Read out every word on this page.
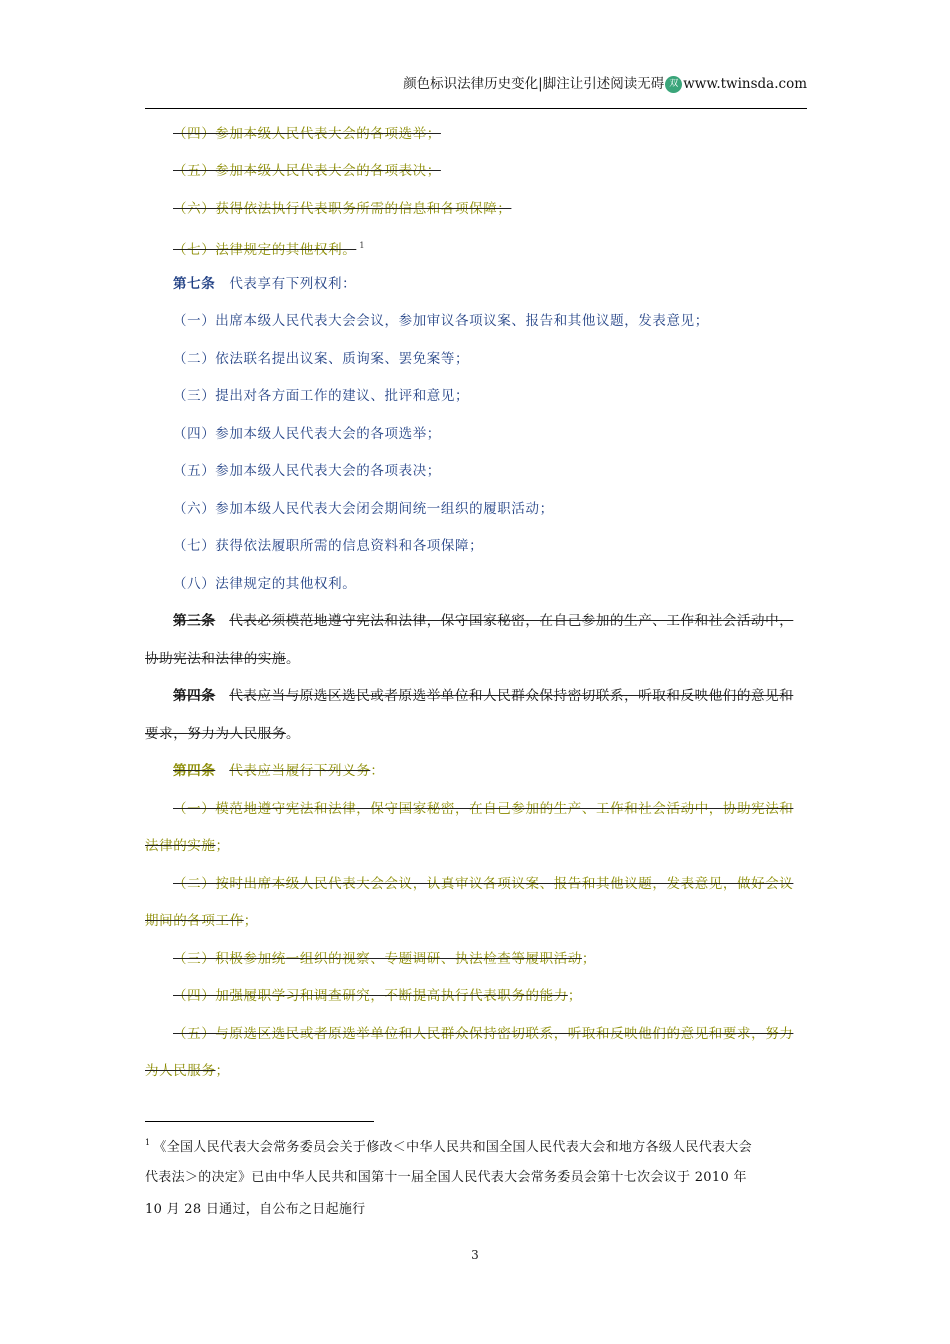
颜色标识法律历史变化|脚注让引述阅读无碍 双 www.twinsda.com
（四）参加本级人民代表大会的各项选举；
（五）参加本级人民代表大会的各项表决；
（六）获得依法执行代表职务所需的信息和各项保障；
（七）法律规定的其他权利。 $^1$
第七条 代表享有下列权利：
（一）出席本级人民代表大会会议，参加审议各项议案、报告和其他议题，发表意见；
（二）依法联名提出议案、质询案、罢免案等；
（三）提出对各方面工作的建议、批评和意见；
（四）参加本级人民代表大会的各项选举；
（五）参加本级人民代表大会的各项表决；
（六）参加本级人民代表大会闭会期间统一组织的履职活动；
（七）获得依法履职所需的信息资料和各项保障；
（八）法律规定的其他权利。
第三条 代表必须模范地遵守宪法和法律，保守国家秘密，在自己参加的生产、工作和社会活动中，
协助宪法和法律的实施。
第四条 代表应当与原选区选民或者原选举单位和人民群众保持密切联系，听取和反映他们的意见和
要求，努力为人民服务。
第四条 代表应当履行下列义务：
（一）模范地遵守宪法和法律，保守国家秘密，在自己参加的生产、工作和社会活动中，协助宪法和
法律的实施；
（二）按时出席本级人民代表大会会议，认真审议各项议案、报告和其他议题，发表意见，做好会议
期间的各项工作；
（三）积极参加统一组织的视察、专题调研、执法检查等履职活动；
（四）加强履职学习和调查研究，不断提高执行代表职务的能力；
（五）与原选区选民或者原选举单位和人民群众保持密切联系，听取和反映他们的意见和要求，努力
为人民服务；
$^1$ 《全国人民代表大会常务委员会关于修改＜中华人民共和国全国人民代表大会和地方各级人民代表大会
代表法＞的决定》已由中华人民共和国第十一届全国人民代表大会常务委员会第十七次会议于 2010 年
10 月 28 日通过，自公布之日起施行
3
